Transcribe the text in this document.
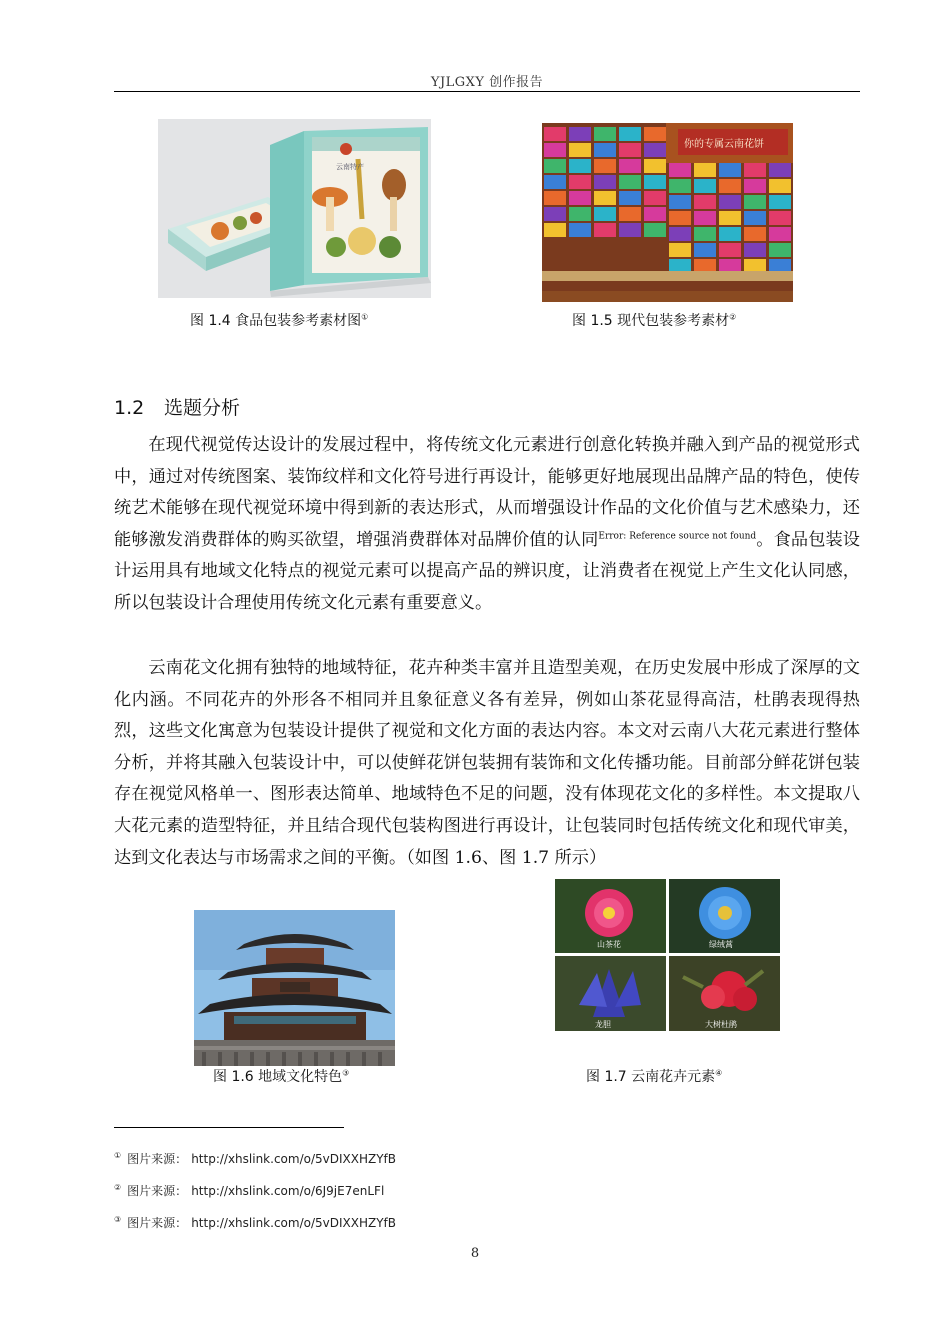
YJLGXY 创作报告
云南特产
图 1.4 食品包装参考素材图①
你的专属云南花饼
图 1.5 现代包装参考素材②
1.2 选题分析

在现代视觉传达设计的发展过程中，将传统文化元素进行创意化转换并融入到产品的视觉形式中，通过对传统图案、装饰纹样和文化符号进行再设计，能够更好地展现出品牌产品的特色，使传统艺术能够在现代视觉环境中得到新的表达形式，从而增强设计作品的文化价值与艺术感染力，还能够激发消费群体的购买欲望，增强消费群体对品牌价值的认同$^{Error: Reference source not found}$。食品包装设计运用具有地域文化特点的视觉元素可以提高产品的辨识度，让消费者在视觉上产生文化认同感，所以包装设计合理使用传统文化元素有重要意义。

云南花文化拥有独特的地域特征，花卉种类丰富并且造型美观，在历史发展中形成了深厚的文化内涵。不同花卉的外形各不相同并且象征意义各有差异，例如山茶花显得高洁，杜鹃表现得热烈，这些文化寓意为包装设计提供了视觉和文化方面的表达内容。本文对云南八大花元素进行整体分析，并将其融入包装设计中，可以使鲜花饼包装拥有装饰和文化传播功能。目前部分鲜花饼包装存在视觉风格单一、图形表达简单、地域特色不足的问题，没有体现花文化的多样性。本文提取八大花元素的造型特征，并且结合现代包装构图进行再设计，让包装同时包括传统文化和现代审美，达到文化表达与市场需求之间的平衡。（如图 1.6、图 1.7 所示）

图 1.6 地域文化特色③
山茶花	绿绒蒿
龙胆	大树杜鹃
图 1.7 云南花卉元素④
① 图片来源： http://xhslink.com/o/5vDIXXHZYfB
② 图片来源： http://xhslink.com/o/6J9jE7enLFl
③ 图片来源： http://xhslink.com/o/5vDIXXHZYfB
8
